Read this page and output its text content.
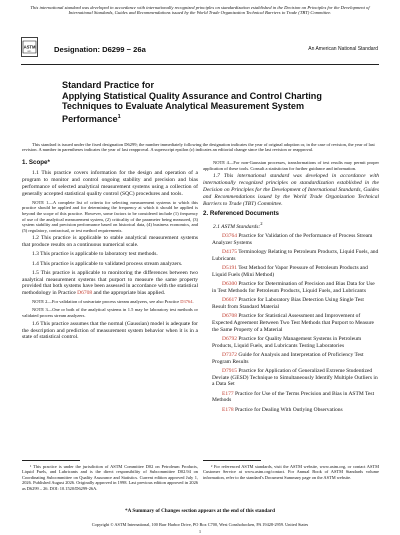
This international standard was developed in accordance with internationally recognized principles on standardization established in the Decision on Principles for the Development of International Standards, Guides and Recommendations issued by the World Trade Organization Technical Barriers to Trade (TBT) Committee.
ASTM
INTL	Designation: D6299 − 26a	An American National Standard
Standard Practice for
Applying Statistical Quality Assurance and Control Charting
Techniques to Evaluate Analytical Measurement System
Performance$^1$
This standard is issued under the fixed designation D6299; the number immediately following the designation indicates the year of original adoption or, in the case of revision, the year of last revision. A number in parentheses indicates the year of last reapproval. A superscript epsilon (ε) indicates an editorial change since the last revision or reapproval.
1. Scope*

1.1 This practice covers information for the design and operation of a program to monitor and control ongoing stability and precision and bias performance of selected analytical measurement systems using a collection of generally accepted statistical quality control (SQC) procedures and tools.

NOTE 1—A complete list of criteria for selecting measurement systems to which this practice should be applied and for determining the frequency at which it should be applied is beyond the scope of this practice. However, some factors to be considered include (1) frequency of use of the analytical measurement system, (2) criticality of the parameter being measured, (3) system stability and precision performance based on historical data, (4) business economics, and (5) regulatory, contractual, or test method requirements.

1.2 This practice is applicable to stable analytical measurement systems that produce results on a continuous numerical scale.

1.3 This practice is applicable to laboratory test methods.

1.4 This practice is applicable to validated process stream analyzers.

1.5 This practice is applicable to monitoring the differences between two analytical measurement systems that purport to measure the same property provided that both systems have been assessed in accordance with the statistical methodology in Practice D6708 and the appropriate bias applied.

NOTE 2—For validation of univariate process stream analyzers, see also Practice D3764.

NOTE 3—One or both of the analytical systems in 1.5 may be laboratory test methods or validated process stream analyzers.

1.6 This practice assumes that the normal (Gaussian) model is adequate for the description and prediction of measurement system behavior when it is in a state of statistical control.

NOTE 4—For non-Gaussian processes, transformations of test results may permit proper application of these tools. Consult a statistician for further guidance and information.

1.7 This international standard was developed in accordance with internationally recognized principles on standardization established in the Decision on Principles for the Development of International Standards, Guides and Recommendations issued by the World Trade Organization Technical Barriers to Trade (TBT) Committee.

2. Referenced Documents

2.1 ASTM Standards:$^2$

D3764 Practice for Validation of the Performance of Process Stream Analyzer Systems

D4175 Terminology Relating to Petroleum Products, Liquid Fuels, and Lubricants

D5191 Test Method for Vapor Pressure of Petroleum Products and Liquid Fuels (Mini Method)

D6300 Practice for Determination of Precision and Bias Data for Use in Test Methods for Petroleum Products, Liquid Fuels, and Lubricants

D6617 Practice for Laboratory Bias Detection Using Single Test Result from Standard Material

D6708 Practice for Statistical Assessment and Improvement of Expected Agreement Between Two Test Methods that Purport to Measure the Same Property of a Material

D6792 Practice for Quality Management Systems in Petroleum Products, Liquid Fuels, and Lubricants Testing Laboratories

D7372 Guide for Analysis and Interpretation of Proficiency Test Program Results

D7915 Practice for Application of Generalized Extreme Studentized Deviate (GESD) Technique to Simultaneously Identify Multiple Outliers in a Data Set

E177 Practice for Use of the Terms Precision and Bias in ASTM Test Methods

E178 Practice for Dealing With Outlying Observations

¹ This practice is under the jurisdiction of ASTM Committee D02 on Petroleum Products, Liquid Fuels, and Lubricants and is the direct responsibility of Subcommittee D02.94 on Coordinating Subcommittee on Quality Assurance and Statistics. Current edition approved July 1, 2026. Published August 2026. Originally approved in 1998. Last previous edition approved in 2026 as D6299 – 26. DOI: 10.1520/D6299-26A.

² For referenced ASTM standards, visit the ASTM website, www.astm.org, or contact ASTM Customer Service at www.astm.org/contact. For Annual Book of ASTM Standards volume information, refer to the standard's Document Summary page on the ASTM website.

*A Summary of Changes section appears at the end of this standard
Copyright © ASTM International, 100 Barr Harbor Drive, PO Box C700, West Conshohocken, PA 19428-2959. United States
1
